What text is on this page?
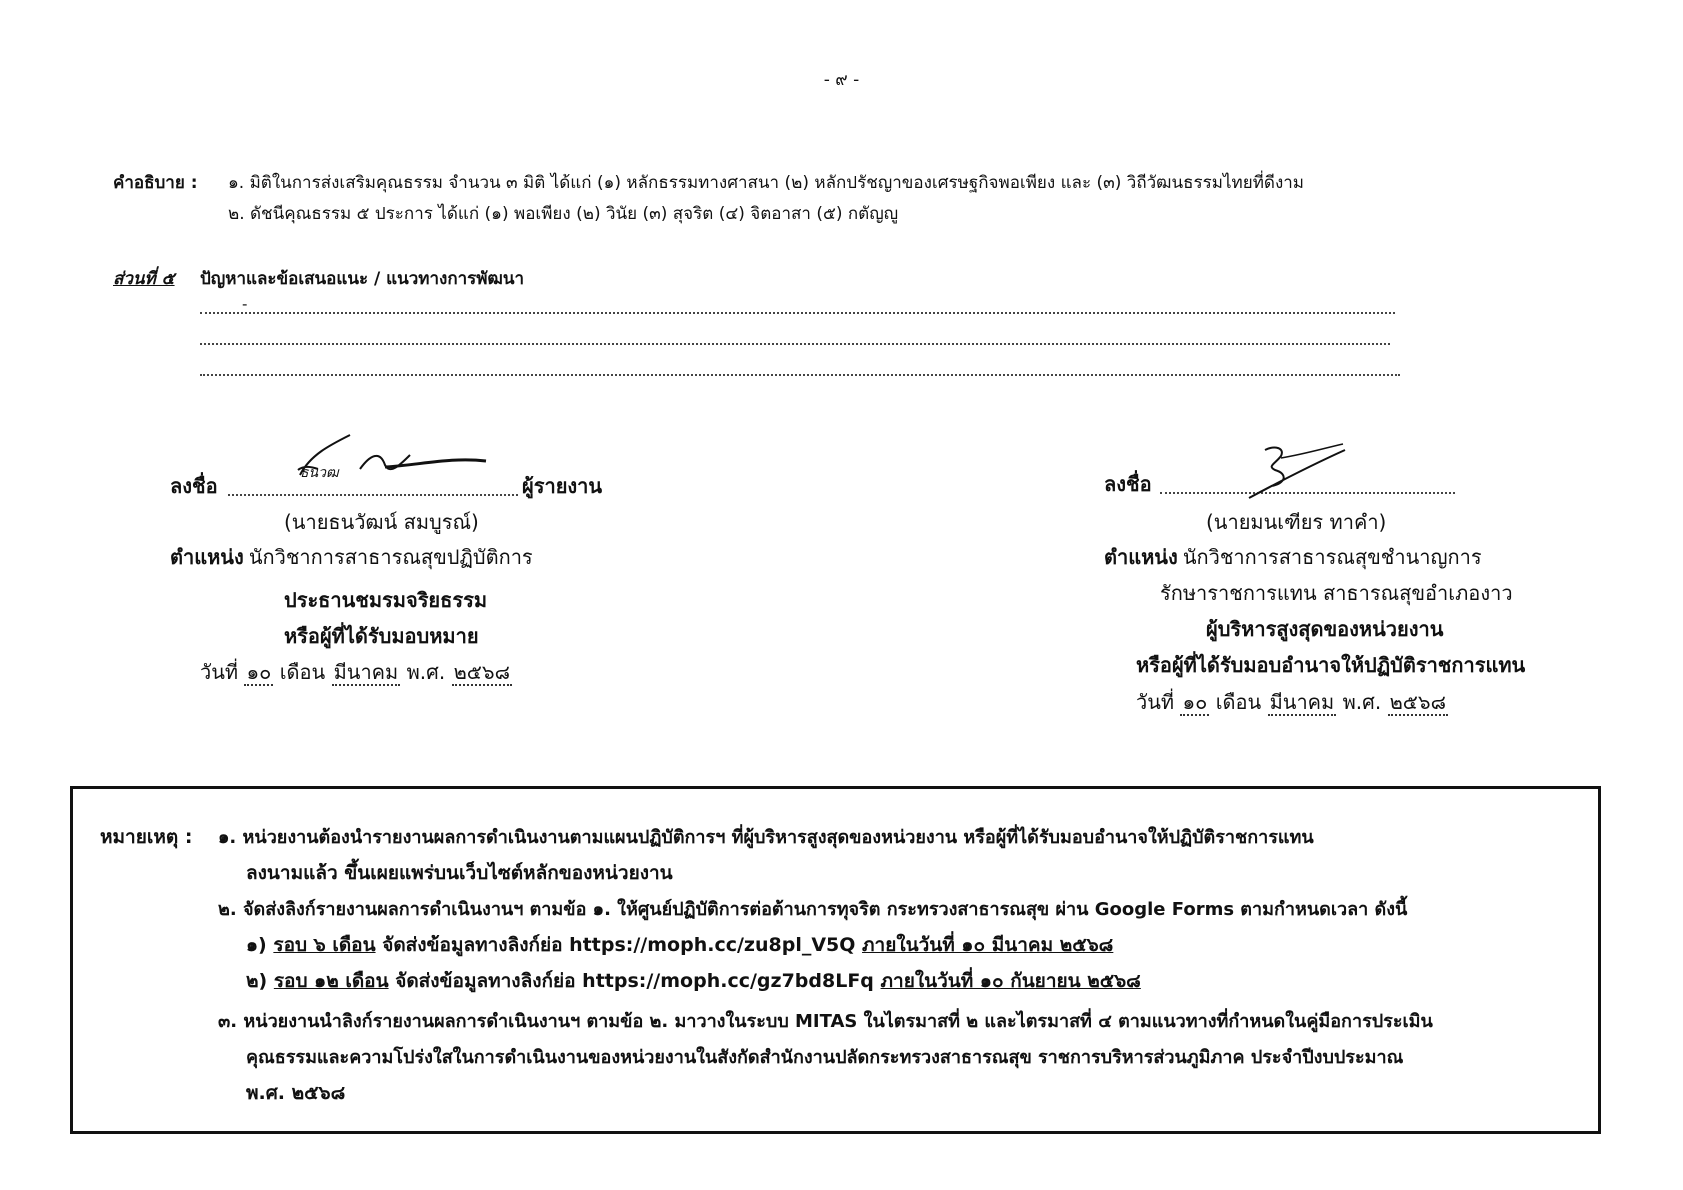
- ๙ -
คำอธิบาย : ๑. มิติในการส่งเสริมคุณธรรม จำนวน ๓ มิติ ได้แก่ (๑) หลักธรรมทางศาสนา (๒) หลักปรัชญาของเศรษฐกิจพอเพียง และ (๓) วิถีวัฒนธรรมไทยที่ดีงาม
๒. ดัชนีคุณธรรม ๕ ประการ ได้แก่ (๑) พอเพียง (๒) วินัย (๓) สุจริต (๔) จิตอาสา (๕) กตัญญู
ส่วนที่ ๕ ปัญหาและข้อเสนอแนะ / แนวทางการพัฒนา
-
ลงชื่อ
ธนวฒ
ผู้รายงาน
(นายธนวัฒน์ สมบูรณ์)
ตำแหน่ง นักวิชาการสาธารณสุขปฏิบัติการ
ประธานชมรมจริยธรรม
หรือผู้ที่ได้รับมอบหมาย
วันที่ ๑๐ เดือน มีนาคม พ.ศ. ๒๕๖๘
ลงชื่อ
(นายมนเฑียร ทาคำ)
ตำแหน่ง นักวิชาการสาธารณสุขชำนาญการ
รักษาราชการแทน สาธารณสุขอำเภองาว
ผู้บริหารสูงสุดของหน่วยงาน
หรือผู้ที่ได้รับมอบอำนาจให้ปฏิบัติราชการแทน
วันที่ ๑๐ เดือน มีนาคม พ.ศ. ๒๕๖๘
หมายเหตุ : ๑. หน่วยงานต้องนำรายงานผลการดำเนินงานตามแผนปฏิบัติการฯ ที่ผู้บริหารสูงสุดของหน่วยงาน หรือผู้ที่ได้รับมอบอำนาจให้ปฏิบัติราชการแทน
ลงนามแล้ว ขึ้นเผยแพร่บนเว็บไซต์หลักของหน่วยงาน
๒. จัดส่งลิงก์รายงานผลการดำเนินงานฯ ตามข้อ ๑. ให้ศูนย์ปฏิบัติการต่อต้านการทุจริต กระทรวงสาธารณสุข ผ่าน Google Forms ตามกำหนดเวลา ดังนี้
๑) รอบ ๖ เดือน จัดส่งข้อมูลทางลิงก์ย่อ https://moph.cc/zu8pl_V5Q ภายในวันที่ ๑๐ มีนาคม ๒๕๖๘
๒) รอบ ๑๒ เดือน จัดส่งข้อมูลทางลิงก์ย่อ https://moph.cc/gz7bd8LFq ภายในวันที่ ๑๐ กันยายน ๒๕๖๘
๓. หน่วยงานนำลิงก์รายงานผลการดำเนินงานฯ ตามข้อ ๒. มาวางในระบบ MITAS ในไตรมาสที่ ๒ และไตรมาสที่ ๔ ตามแนวทางที่กำหนดในคู่มือการประเมิน
คุณธรรมและความโปร่งใสในการดำเนินงานของหน่วยงานในสังกัดสำนักงานปลัดกระทรวงสาธารณสุข ราชการบริหารส่วนภูมิภาค ประจำปีงบประมาณ
พ.ศ. ๒๕๖๘
